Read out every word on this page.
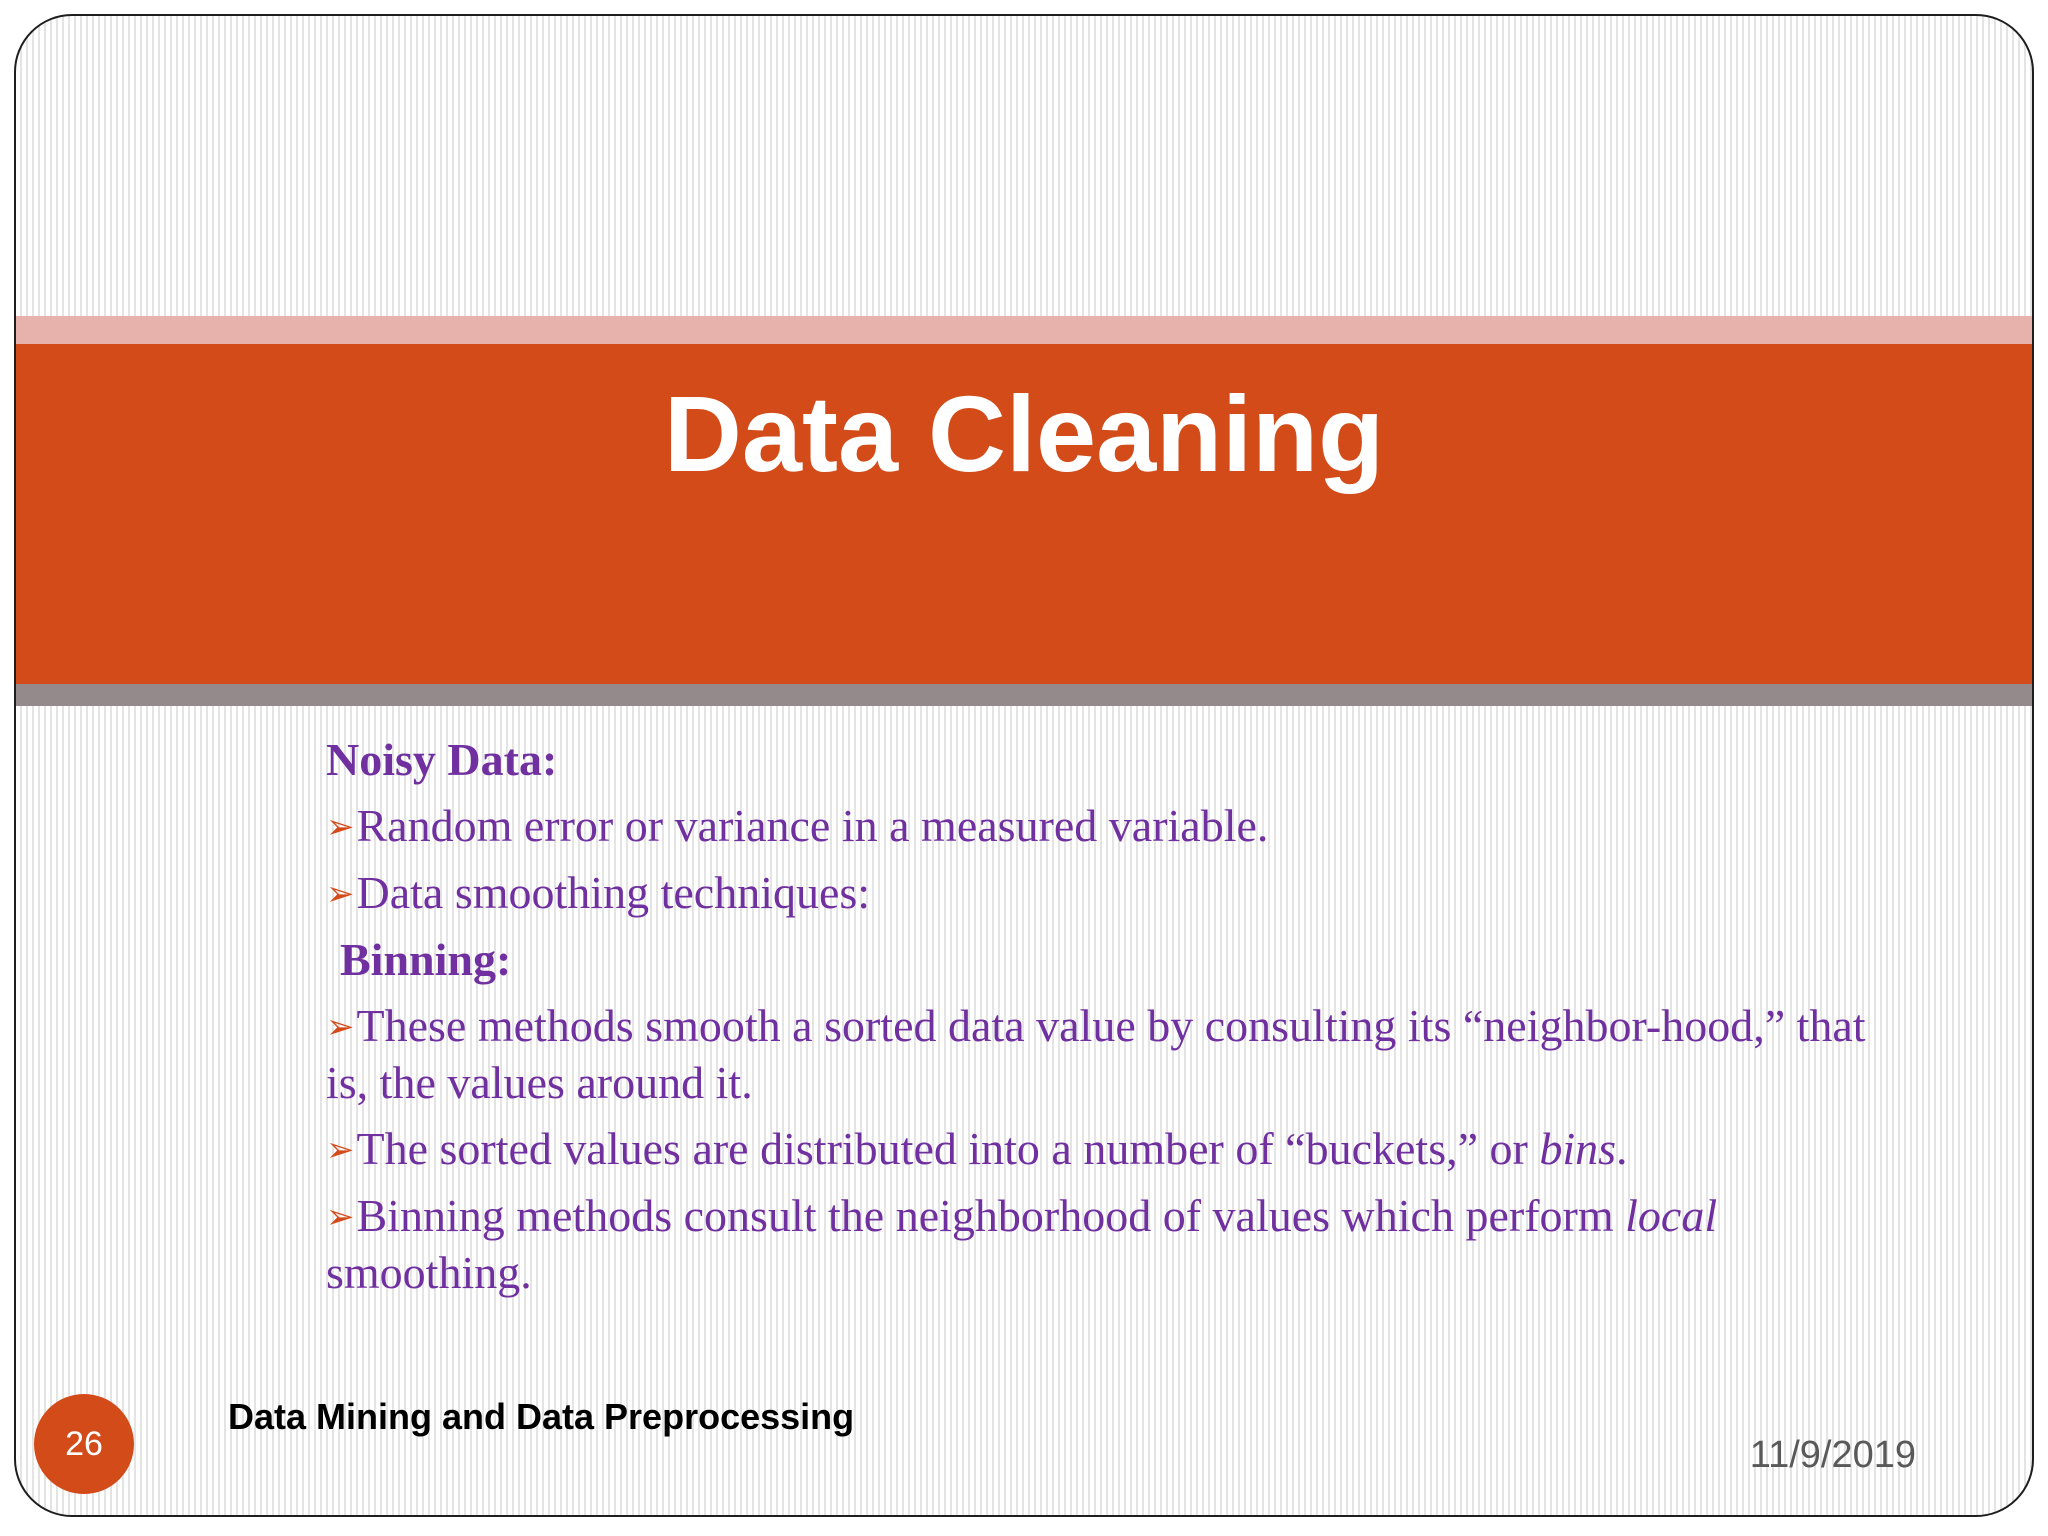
Data Cleaning
Noisy Data:
➢Random error or variance in a measured variable.
➢Data smoothing techniques:
Binning:
➢These methods smooth a sorted data value by consulting its “neighbor-hood,” that is, the values around it.
➢The sorted values are distributed into a number of “buckets,” or bins.
➢Binning methods consult the neighborhood of values which perform local smoothing.
Data Mining and Data Preprocessing
11/9/2019
26
